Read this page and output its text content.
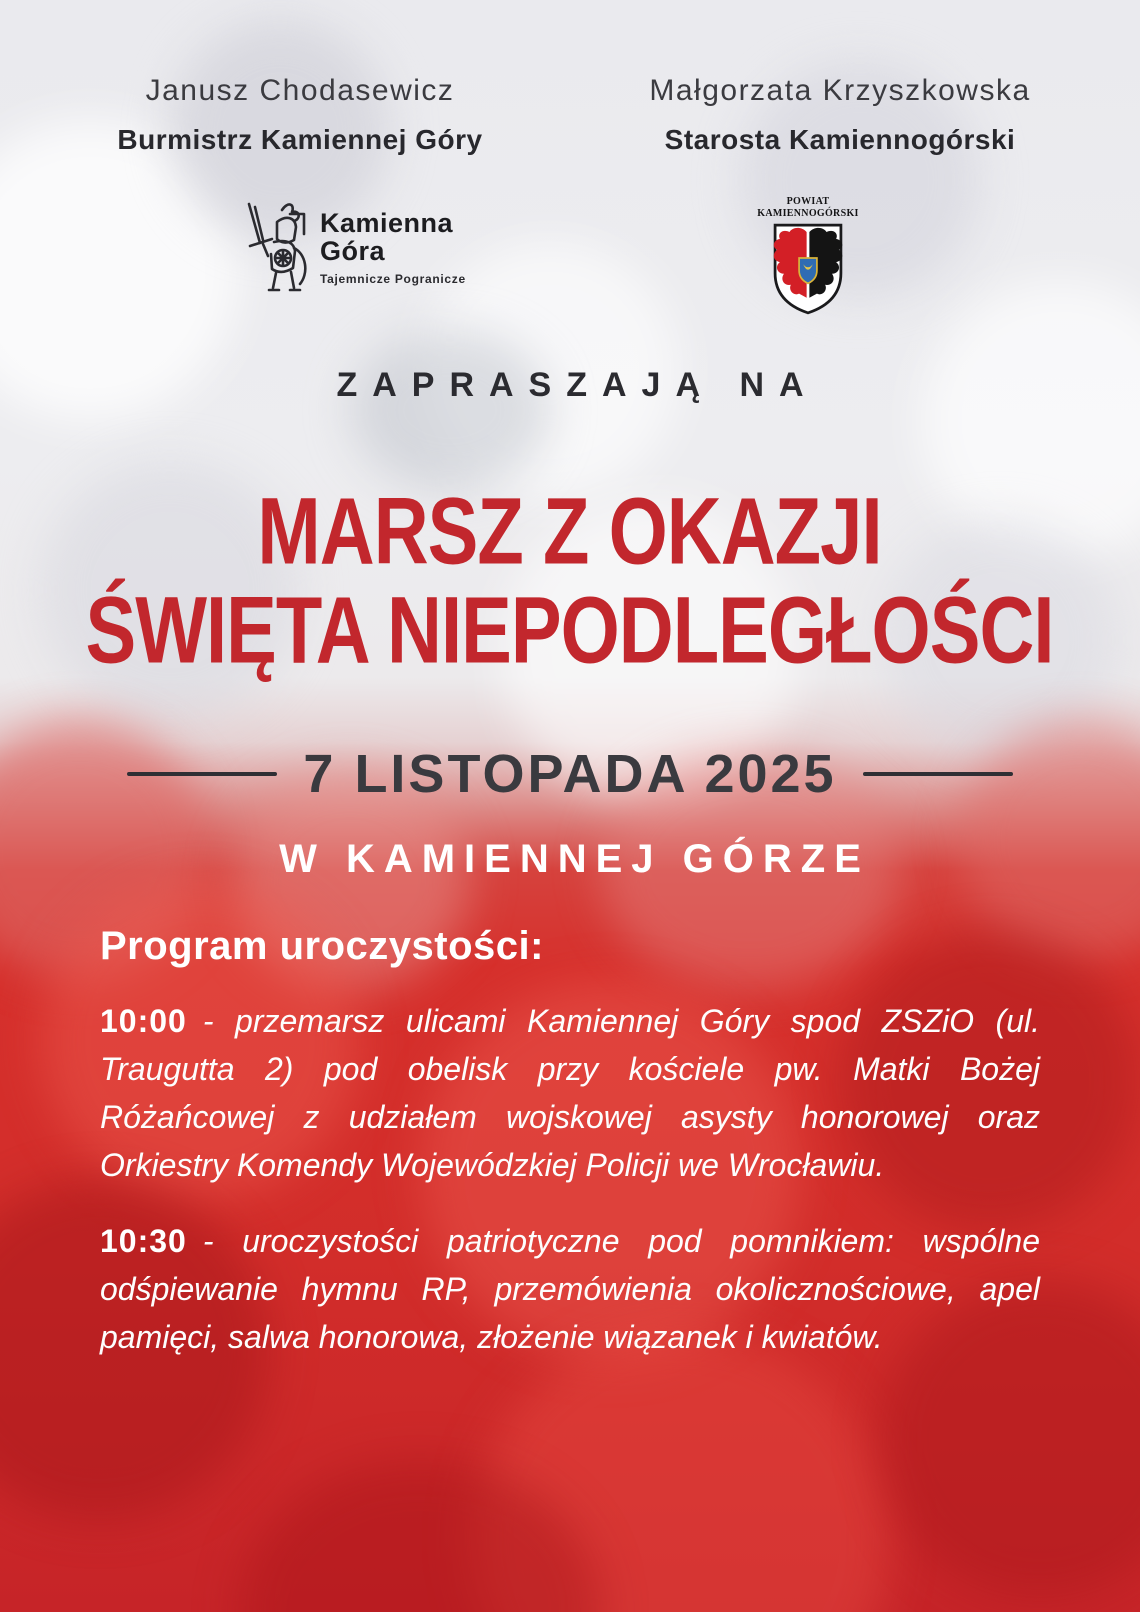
Janusz Chodasewicz
Burmistrz Kamiennej Góry
Małgorzata Krzyszkowska
Starosta Kamiennogórski
Kamienna
Góra
Tajemnicze Pogranicze
POWIAT
KAMIENNOGÓRSKI
ZAPRASZAJĄ NA
MARSZ Z OKAZJI
ŚWIĘTA NIEPODLEGŁOŚCI
7 LISTOPADA 2025
W KAMIENNEJ GÓRZE
Program uroczystości:

10:00 - przemarsz ulicami Kamiennej Góry spod ZSZiO (ul. Traugutta 2) pod obelisk przy kościele pw. Matki Bożej Różańcowej z udziałem wojskowej asysty honorowej oraz Orkiestry Komendy Wojewódzkiej Policji we Wrocławiu.

10:30 - uroczystości patriotyczne pod pomnikiem: wspólne odśpiewanie hymnu RP, przemówienia okolicznościowe, apel pamięci, salwa honorowa, złożenie wiązanek i kwiatów.
